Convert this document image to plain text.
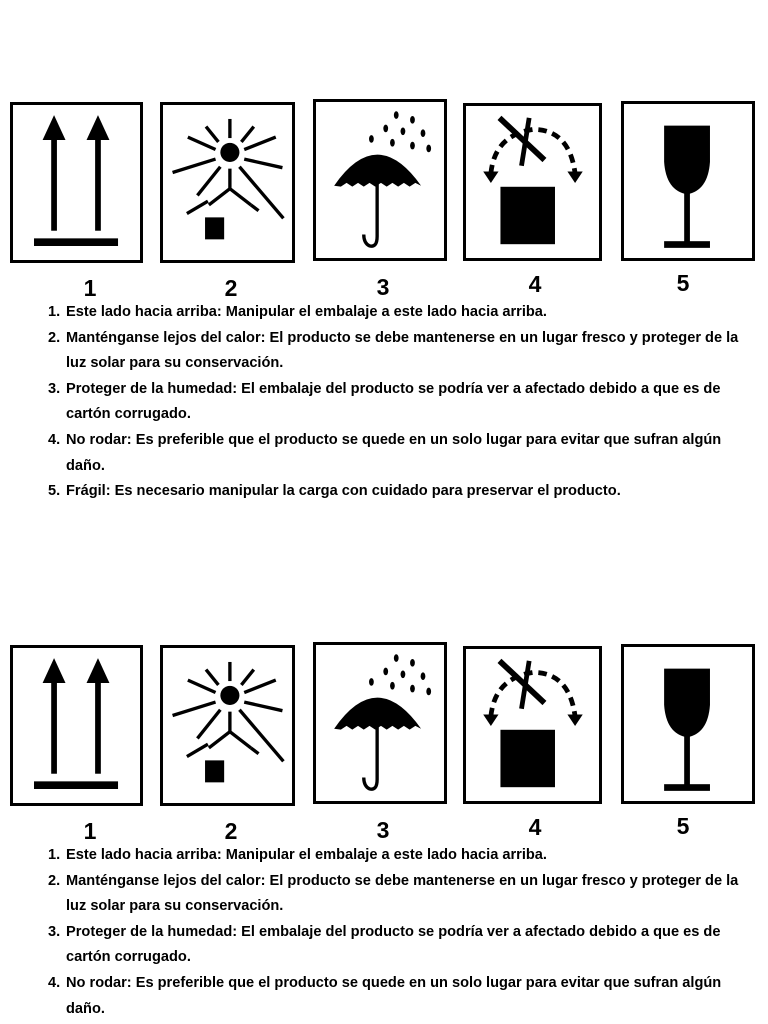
1	2	3	4	5
1. Este lado hacia arriba: Manipular el embalaje a este lado hacia arriba.
2. Manténganse lejos del calor: El producto se debe mantenerse en un lugar fresco y proteger de la luz solar para su conservación.
3. Proteger de la humedad: El embalaje del producto se podría ver a afectado debido a que es de cartón corrugado.
4. No rodar: Es preferible que el producto se quede en un solo lugar para evitar que sufran algún daño.
5. Frágil: Es necesario manipular la carga con cuidado para preservar el producto.
1	2	3	4	5
1. Este lado hacia arriba: Manipular el embalaje a este lado hacia arriba.
2. Manténganse lejos del calor: El producto se debe mantenerse en un lugar fresco y proteger de la luz solar para su conservación.
3. Proteger de la humedad: El embalaje del producto se podría ver a afectado debido a que es de cartón corrugado.
4. No rodar: Es preferible que el producto se quede en un solo lugar para evitar que sufran algún daño.
